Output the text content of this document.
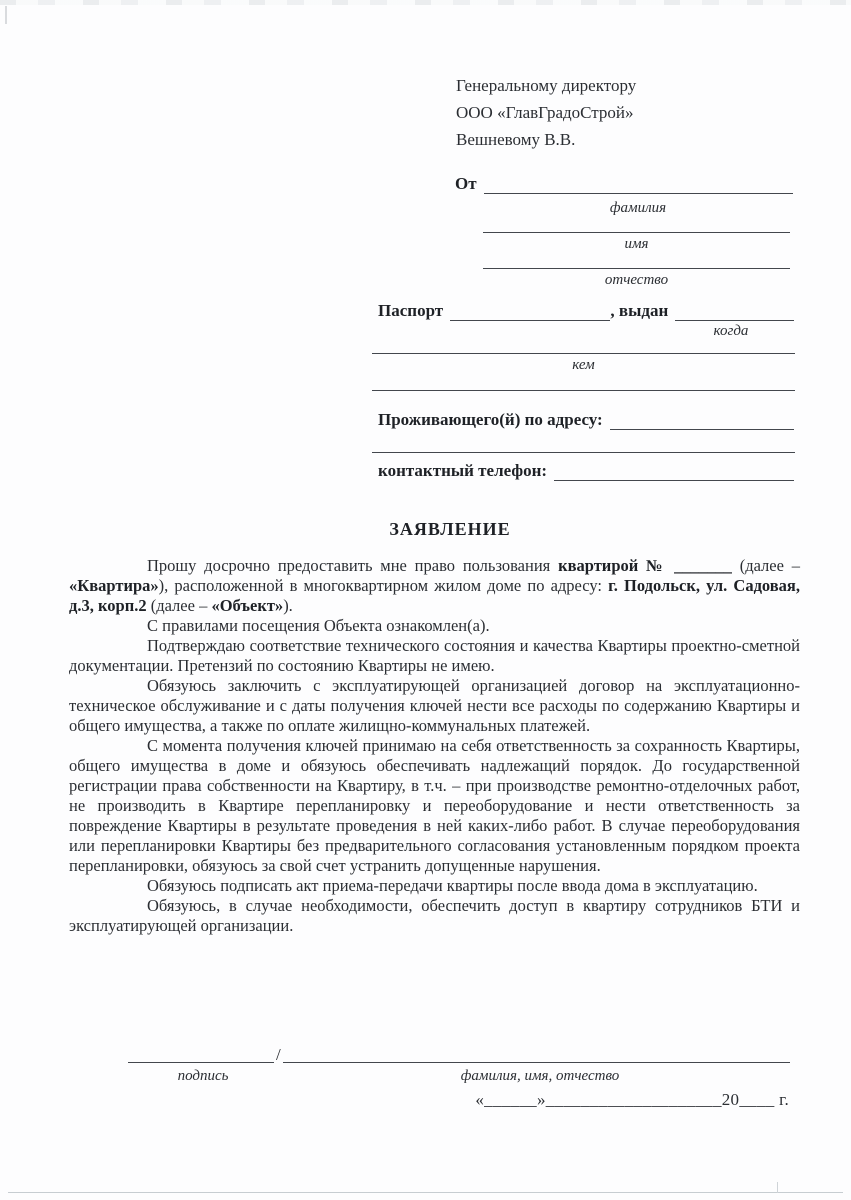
Генеральному директору
ООО «ГлавГрадоСтрой»
Вешневому В.В.
От
фамилия
имя
отчество
Паспорт	, выдан
когда
кем
Проживающего(й) по адресу:
контактный телефон:
ЗАЯВЛЕНИЕ

Прошу досрочно предоставить мне право пользования квартирой № _______ (далее – «Квартира»), расположенной в многоквартирном жилом доме по адресу: г. Подольск, ул. Садовая, д.3, корп.2 (далее – «Объект»).

С правилами посещения Объекта ознакомлен(а).

Подтверждаю соответствие технического состояния и качества Квартиры проектно-сметной документации. Претензий по состоянию Квартиры не имею.

Обязуюсь заключить с эксплуатирующей организацией договор на эксплуатационно-техническое обслуживание и с даты получения ключей нести все расходы по содержанию Квартиры и общего имущества, а также по оплате жилищно-коммунальных платежей.

С момента получения ключей принимаю на себя ответственность за сохранность Квартиры, общего имущества в доме и обязуюсь обеспечивать надлежащий порядок. До государственной регистрации права собственности на Квартиру, в т.ч. – при производстве ремонтно-отделочных работ, не производить в Квартире перепланировку и переоборудование и нести ответственность за повреждение Квартиры в результате проведения в ней каких-либо работ. В случае переоборудования или перепланировки Квартиры без предварительного согласования установленным порядком проекта перепланировки, обязуюсь за свой счет устранить допущенные нарушения.

Обязуюсь подписать акт приема-передачи квартиры после ввода дома в эксплуатацию.

Обязуюсь, в случае необходимости, обеспечить доступ в квартиру сотрудников БТИ и эксплуатирующей организации.

/
подпись	фамилия, имя, отчество
«______»____________________20____ г.
